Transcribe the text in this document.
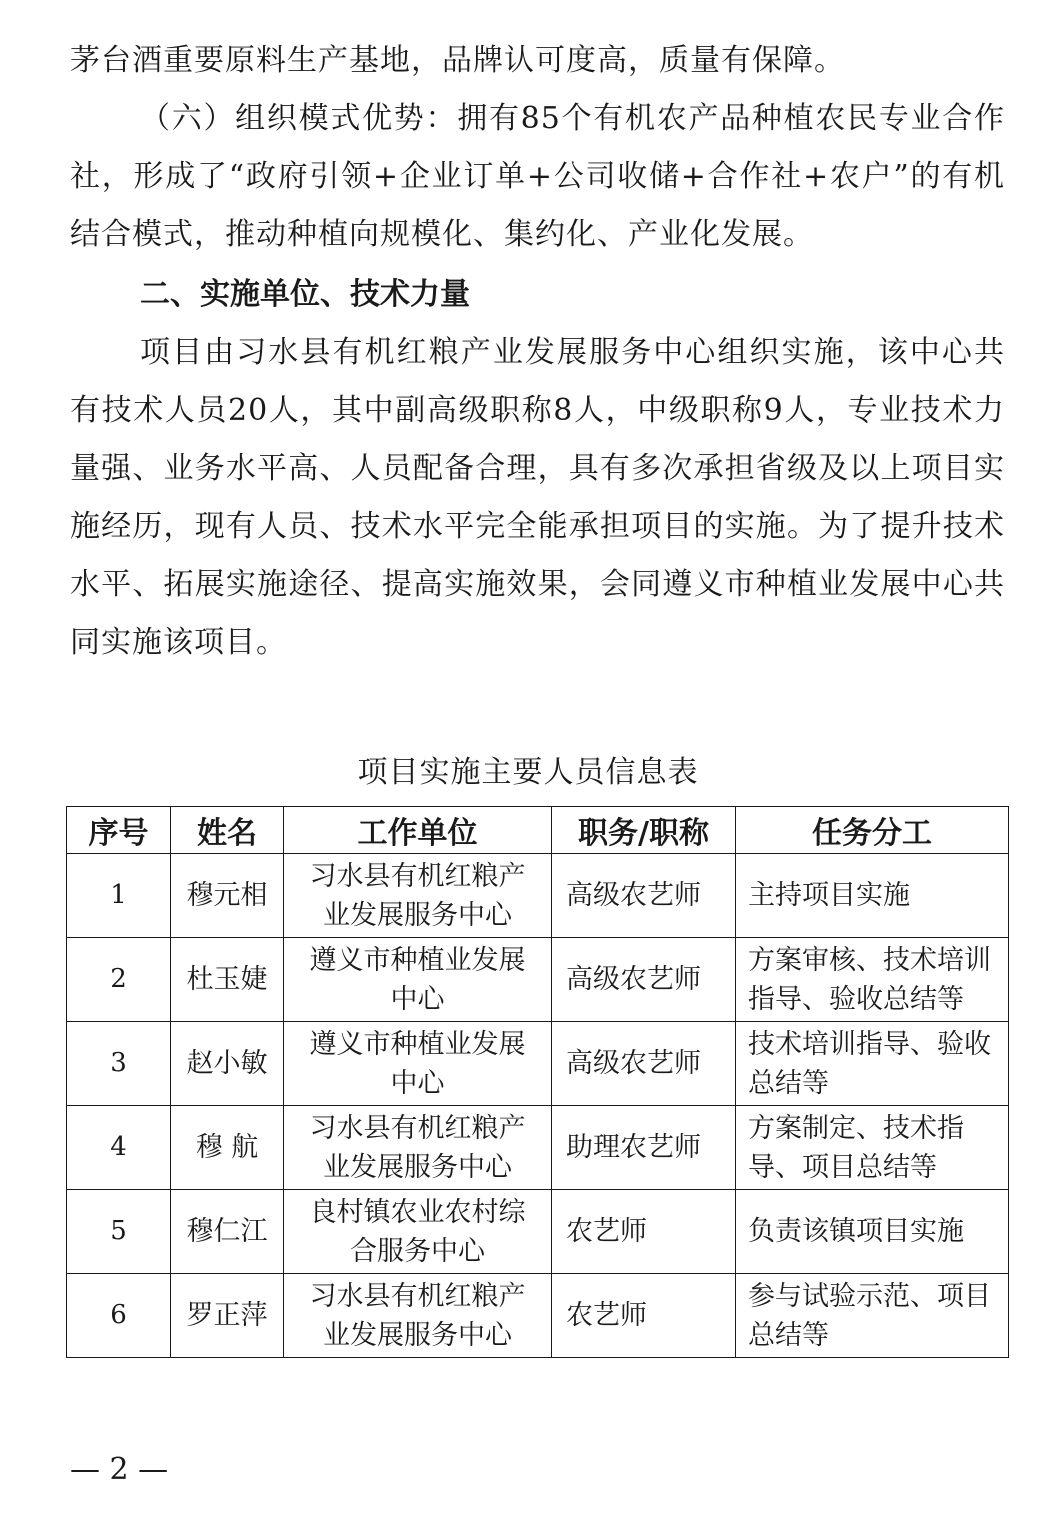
茅台酒重要原料生产基地，品牌认可度高，质量有保障。

（六）组织模式优势：拥有85个有机农产品种植农民专业合作社，形成了“政府引领+企业订单+公司收储+合作社+农户”的有机结合模式，推动种植向规模化、集约化、产业化发展。

二、实施单位、技术力量

项目由习水县有机红粮产业发展服务中心组织实施，该中心共有技术人员20人，其中副高级职称8人，中级职称9人，专业技术力量强、业务水平高、人员配备合理，具有多次承担省级及以上项目实施经历，现有人员、技术水平完全能承担项目的实施。为了提升技术水平、拓展实施途径、提高实施效果，会同遵义市种植业发展中心共同实施该项目。

项目实施主要人员信息表
序号	姓名	工作单位	职务/职称	任务分工
1	穆元相	习水县有机红粮产业发展服务中心	高级农艺师	主持项目实施
2	杜玉婕	遵义市种植业发展中心	高级农艺师	方案审核、技术培训指导、验收总结等
3	赵小敏	遵义市种植业发展中心	高级农艺师	技术培训指导、验收总结等
4	穆 航	习水县有机红粮产业发展服务中心	助理农艺师	方案制定、技术指导、项目总结等
5	穆仁江	良村镇农业农村综合服务中心	农艺师	负责该镇项目实施
6	罗正萍	习水县有机红粮产业发展服务中心	农艺师	参与试验示范、项目总结等

— 2 —
